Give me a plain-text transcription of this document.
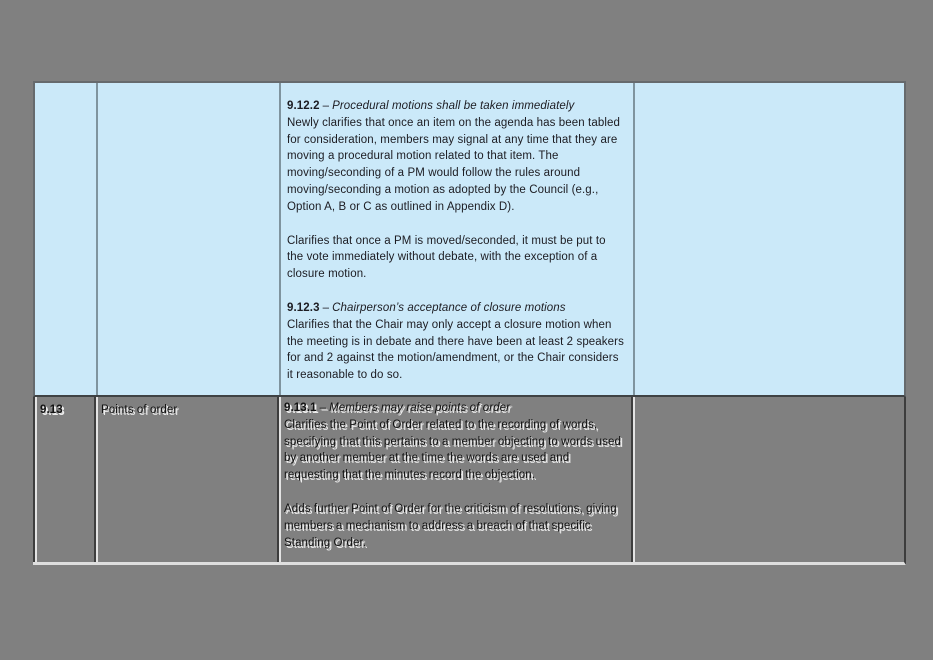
9.12.2 – Procedural motions shall be taken immediately

Newly clarifies that once an item on the agenda has been tabled for consideration, members may signal at any time that they are moving a procedural motion related to that item. The moving/seconding of a PM would follow the rules around moving/seconding a motion as adopted by the Council (e.g., Option A, B or C as outlined in Appendix D).

Clarifies that once a PM is moved/seconded, it must be put to the vote immediately without debate, with the exception of a closure motion.

9.12.3 – Chairperson’s acceptance of closure motions

Clarifies that the Chair may only accept a closure motion when the meeting is in debate and there have been at least 2 speakers for and 2 against the motion/amendment, or the Chair considers it reasonable to do so.

9.13	Points of order	9.13.1 – Members may raise points of order

Clarifies the Point of Order related to the recording of words, specifying that this pertains to a member objecting to words used by another member at the time the words are used and requesting that the minutes record the objection.

Adds further Point of Order for the criticism of resolutions, giving members a mechanism to address a breach of that specific Standing Order.
